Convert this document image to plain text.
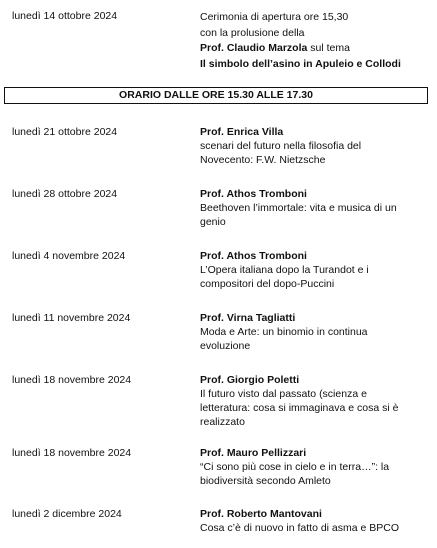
lunedì 14 ottobre 2024	Cerimonia di apertura ore 15,30
con la prolusione della
Prof. Claudio Marzola sul tema
Il simbolo dell’asino in Apuleio e Collodi
ORARIO DALLE ORE 15.30 ALLE 17.30
lunedì 21 ottobre 2024	Prof. Enrica Villa
scenari del futuro nella filosofia del
Novecento: F.W. Nietzsche
lunedì 28 ottobre 2024	Prof. Athos Tromboni
Beethoven l’immortale: vita e musica di un
genio
lunedì 4 novembre 2024	Prof. Athos Tromboni
L’Opera italiana dopo la Turandot e i
compositori del dopo-Puccini
lunedì 11 novembre 2024	Prof. Virna Tagliatti
Moda e Arte: un binomio in continua
evoluzione
lunedì 18 novembre 2024	Prof. Giorgio Poletti
Il futuro visto dal passato (scienza e
letteratura: cosa si immaginava e cosa si è
realizzato
lunedì 18 novembre 2024	Prof. Mauro Pellizzari
“Ci sono più cose in cielo e in terra…”: la
biodiversità secondo Amleto
lunedì 2 dicembre 2024	Prof. Roberto Mantovani
Cosa c’è di nuovo in fatto di asma e BPCO
